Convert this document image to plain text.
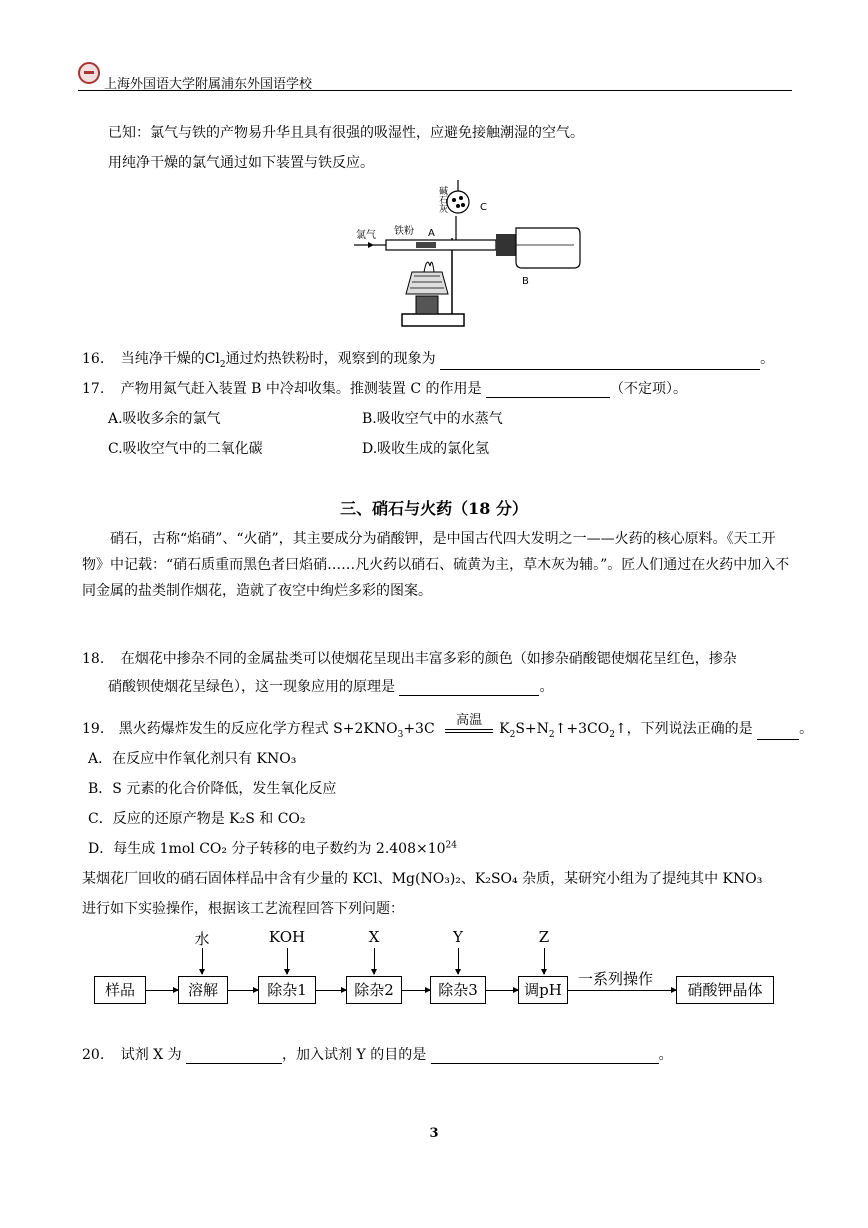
上海外国语大学附属浦东外国语学校
已知：氯气与铁的产物易升华且具有很强的吸湿性，应避免接触潮湿的空气。
用纯净干燥的氯气通过如下装置与铁反应。
氯气 铁粉 A
B
C
碱石灰
16. 当纯净干燥的$Cl_2$通过灼热铁粉时，观察到的现象为	。
17. 产物用氮气赶入装置 B 中冷却收集。推测装置 C 的作用是	（不定项）。
A.吸收多余的氯气	B.吸收空气中的水蒸气
C.吸收空气中的二氧化碳	D.吸收生成的氯化氢
三、硝石与火药（18 分）
硝石，古称“焰硝”、“火硝”，其主要成分为硝酸钾，是中国古代四大发明之一——火药的核心原料。《天工开物》中记载：“硝石质重而黑色者曰焰硝……凡火药以硝石、硫黄为主，草木灰为辅。”。匠人们通过在火药中加入不同金属的盐类制作烟花，造就了夜空中绚烂多彩的图案。
18. 在烟花中掺杂不同的金属盐类可以使烟花呈现出丰富多彩的颜色（如掺杂硝酸锶使烟花呈红色，掺杂
硝酸钡使烟花呈绿色），这一现象应用的原理是	。
19. 黑火药爆炸发生的反应化学方程式 $S+2KNO_3+3C$
高温
$K_2S+N_2↑+3CO_2↑$，下列说法正确的是	。
A．在反应中作氧化剂只有 KNO₃
B．S 元素的化合价降低，发生氧化反应
C．反应的还原产物是 K₂S 和 CO₂
D．每生成 1mol CO₂ 分子转移的电子数约为 $2.408\times 10^{24}$
某烟花厂回收的硝石固体样品中含有少量的 KCl、Mg(NO₃)₂、K₂SO₄ 杂质，某研究小组为了提纯其中 KNO₃
进行如下实验操作，根据该工艺流程回答下列问题：
水	KOH	X	Y	Z
样品	溶解	除杂1	除杂2	除杂3	调pH	硝酸钾晶体
一系列操作
20. 试剂 X 为	，加入试剂 Y 的目的是	。
3
